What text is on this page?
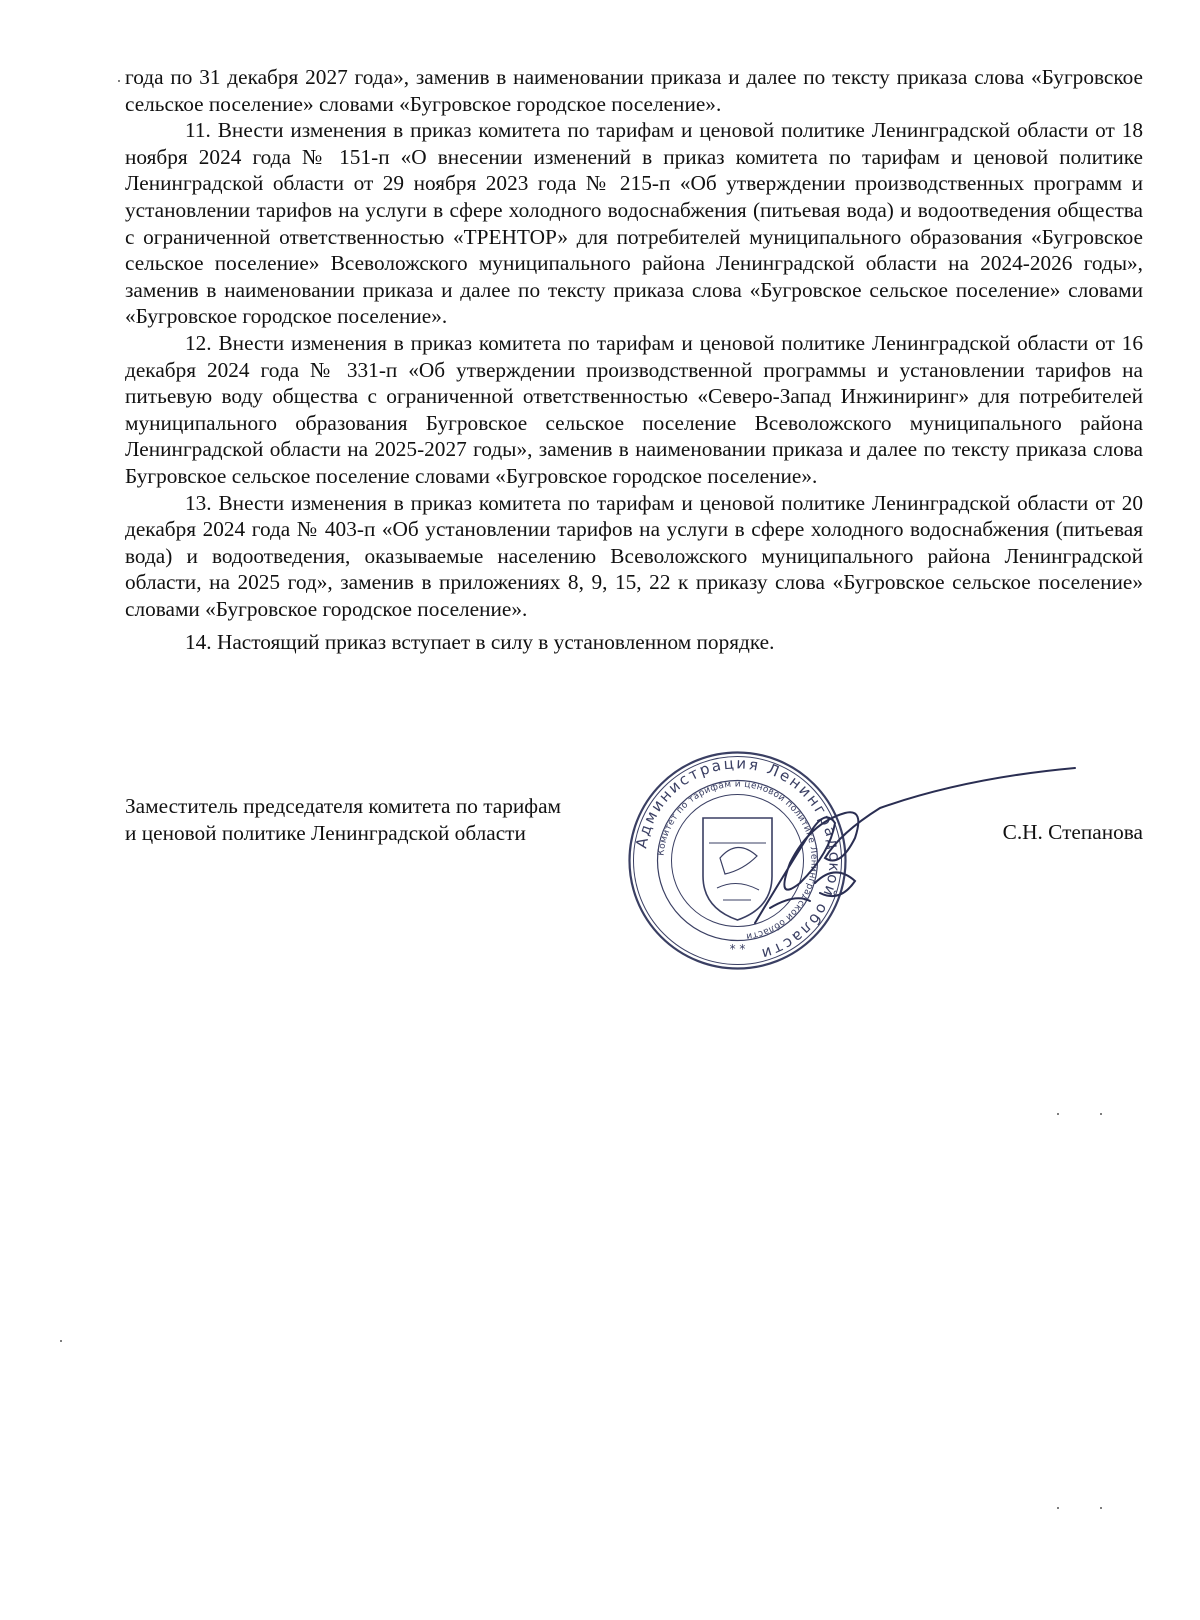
года по 31 декабря 2027 года», заменив в наименовании приказа и далее по тексту приказа слова «Бугровское сельское поселение» словами «Бугровское городское поселение».

11. Внести изменения в приказ комитета по тарифам и ценовой политике Ленинградской области от 18 ноября 2024 года № 151-п «О внесении изменений в приказ комитета по тарифам и ценовой политике Ленинградской области от 29 ноября 2023 года № 215-п «Об утверждении производственных программ и установлении тарифов на услуги в сфере холодного водоснабжения (питьевая вода) и водоотведения общества с ограниченной ответственностью «ТРЕНТОР» для потребителей муниципального образования «Бугровское сельское поселение» Всеволожского муниципального района Ленинградской области на 2024-2026 годы», заменив в наименовании приказа и далее по тексту приказа слова «Бугровское сельское поселение» словами «Бугровское городское поселение».

12. Внести изменения в приказ комитета по тарифам и ценовой политике Ленинградской области от 16 декабря 2024 года № 331-п «Об утверждении производственной программы и установлении тарифов на питьевую воду общества с ограниченной ответственностью «Северо-Запад Инжиниринг» для потребителей муниципального образования Бугровское сельское поселение Всеволожского муниципального района Ленинградской области на 2025-2027 годы», заменив в наименовании приказа и далее по тексту приказа слова Бугровское сельское поселение словами «Бугровское городское поселение».

13. Внести изменения в приказ комитета по тарифам и ценовой политике Ленинградской области от 20 декабря 2024 года № 403-п «Об установлении тарифов на услуги в сфере холодного водоснабжения (питьевая вода) и водоотведения, оказываемые населению Всеволожского муниципального района Ленинградской области, на 2025 год», заменив в приложениях 8, 9, 15, 22 к приказу слова «Бугровское сельское поселение» словами «Бугровское городское поселение».

14. Настоящий приказ вступает в силу в установленном порядке.

Заместитель председателя комитета по тарифам
и ценовой политике Ленинградской области	Администрация Ленинградской области
Комитет по тарифам и ценовой политике Ленинградской области
* *
С.Н. Степанова
